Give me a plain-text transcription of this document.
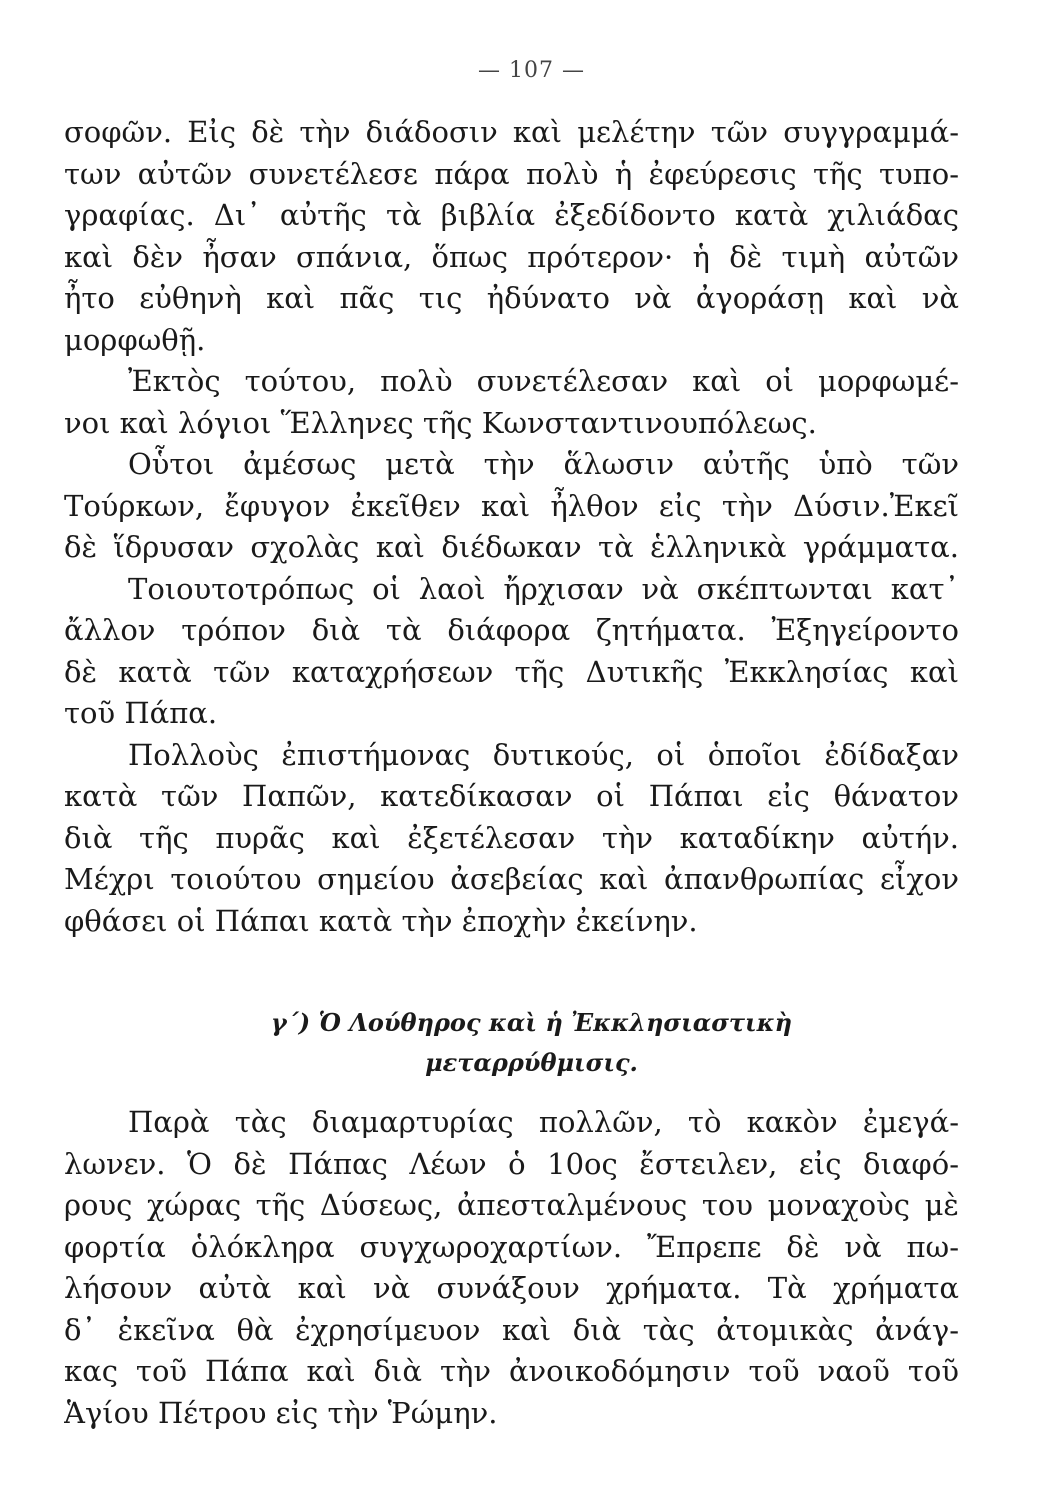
— 107 —
σοφῶν. Εἰς δὲ τὴν διάδοσιν καὶ μελέτην τῶν συγγραμμά-
των αὐτῶν συνετέλεσε πάρα πολὺ ἡ ἐφεύρεσις τῆς τυπο-
γραφίας. Δι᾽ αὐτῆς τὰ βιβλία ἐξεδίδοντο κατὰ χιλιάδας
καὶ δὲν ἦσαν σπάνια, ὅπως πρότερον· ἡ δὲ τιμὴ αὐτῶν
ἦτο εὐθηνὴ καὶ πᾶς τις ἠδύνατο νὰ ἀγοράσῃ καὶ νὰ
μορφωθῇ.
Ἐκτὸς τούτου, πολὺ συνετέλεσαν καὶ οἱ μορφωμέ-
νοι καὶ λόγιοι Ἕλληνες τῆς Κωνσταντινουπόλεως.
Οὗτοι ἀμέσως μετὰ τὴν ἅλωσιν αὐτῆς ὑπὸ τῶν
Τούρκων, ἔφυγον ἐκεῖθεν καὶ ἦλθον εἰς τὴν Δύσιν.Ἐκεῖ
δὲ ἵδρυσαν σχολὰς καὶ διέδωκαν τὰ ἑλληνικὰ γράμματα.
Τοιουτοτρόπως οἱ λαοὶ ἤρχισαν νὰ σκέπτωνται κατ᾽
ἄλλον τρόπον διὰ τὰ διάφορα ζητήματα. Ἐξηγείροντο
δὲ κατὰ τῶν καταχρήσεων τῆς Δυτικῆς Ἐκκλησίας καὶ
τοῦ Πάπα.
Πολλοὺς ἐπιστήμονας δυτικούς, οἱ ὁποῖοι ἐδίδαξαν
κατὰ τῶν Παπῶν, κατεδίκασαν οἱ Πάπαι εἰς θάνατον
διὰ τῆς πυρᾶς καὶ ἐξετέλεσαν τὴν καταδίκην αὐτήν.
Μέχρι τοιούτου σημείου ἀσεβείας καὶ ἀπανθρωπίας εἶχον
φθάσει οἱ Πάπαι κατὰ τὴν ἐποχὴν ἐκείνην.
γ΄) Ὁ Λούθηρος καὶ ἡ Ἐκκλησιαστικὴ
μεταρρύθμισις.
Παρὰ τὰς διαμαρτυρίας πολλῶν, τὸ κακὸν ἐμεγά-
λωνεν. Ὁ δὲ Πάπας Λέων ὁ 10ος ἔστειλεν, εἰς διαφό-
ρους χώρας τῆς Δύσεως, ἀπεσταλμένους του μοναχοὺς μὲ
φορτία ὁλόκληρα συγχωροχαρτίων. Ἔπρεπε δὲ νὰ πω-
λήσουν αὐτὰ καὶ νὰ συνάξουν χρήματα. Τὰ χρήματα
δ᾽ ἐκεῖνα θὰ ἐχρησίμευον καὶ διὰ τὰς ἀτομικὰς ἀνάγ-
κας τοῦ Πάπα καὶ διὰ τὴν ἀνοικοδόμησιν τοῦ ναοῦ τοῦ
Ἁγίου Πέτρου εἰς τὴν Ῥώμην.
